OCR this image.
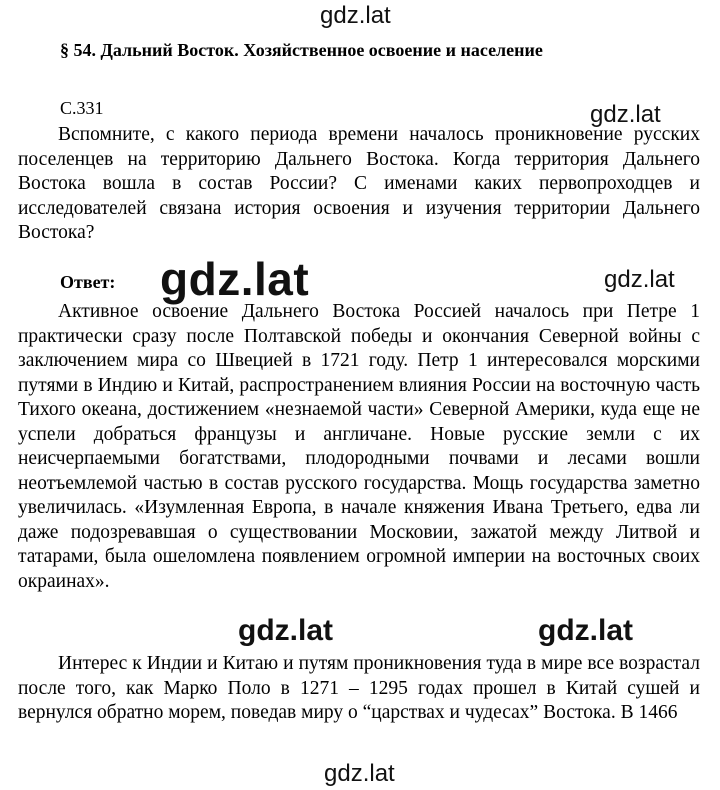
gdz.lat
§ 54. Дальний Восток. Хозяйственное освоение и население
С.331	gdz.lat

Вспомните, с какого периода времени началось проникновение русских поселенцев на территорию Дальнего Востока. Когда территория Дальнего Востока вошла в состав России? С именами каких первопроходцев и исследователей связана история освоения и изучения территории Дальнего Востока?

Ответ:

Активное освоение Дальнего Востока Россией началось при Петре 1 практически сразу после Полтавской победы и окончания Северной войны с заключением мира со Швецией в 1721 году. Петр 1 интересовался морскими путями в Индию и Китай, распространением влияния России на восточную часть Тихого океана, достижением «незнаемой части» Северной Америки, куда еще не успели добраться французы и англичане. Новые русские земли с их неисчерпаемыми богатствами, плодородными почвами и лесами вошли неотъемлемой частью в состав русского государства. Мощь государства заметно увеличилась. «Изумленная Европа, в начале княжения Ивана Третьего, едва ли даже подозревавшая о существовании Московии, зажатой между Литвой и татарами, была ошеломлена появлением огромной империи на восточных своих окраинах».

Интерес к Индии и Китаю и путям проникновения туда в мире все возрастал после того, как Марко Поло в 1271 – 1295 годах прошел в Китай сушей и вернулся обратно морем, поведав миру о “царствах и чудесах” Востока. В 1466

gdz.lat	gdz.lat
gdz.lat	gdz.lat
gdz.lat
